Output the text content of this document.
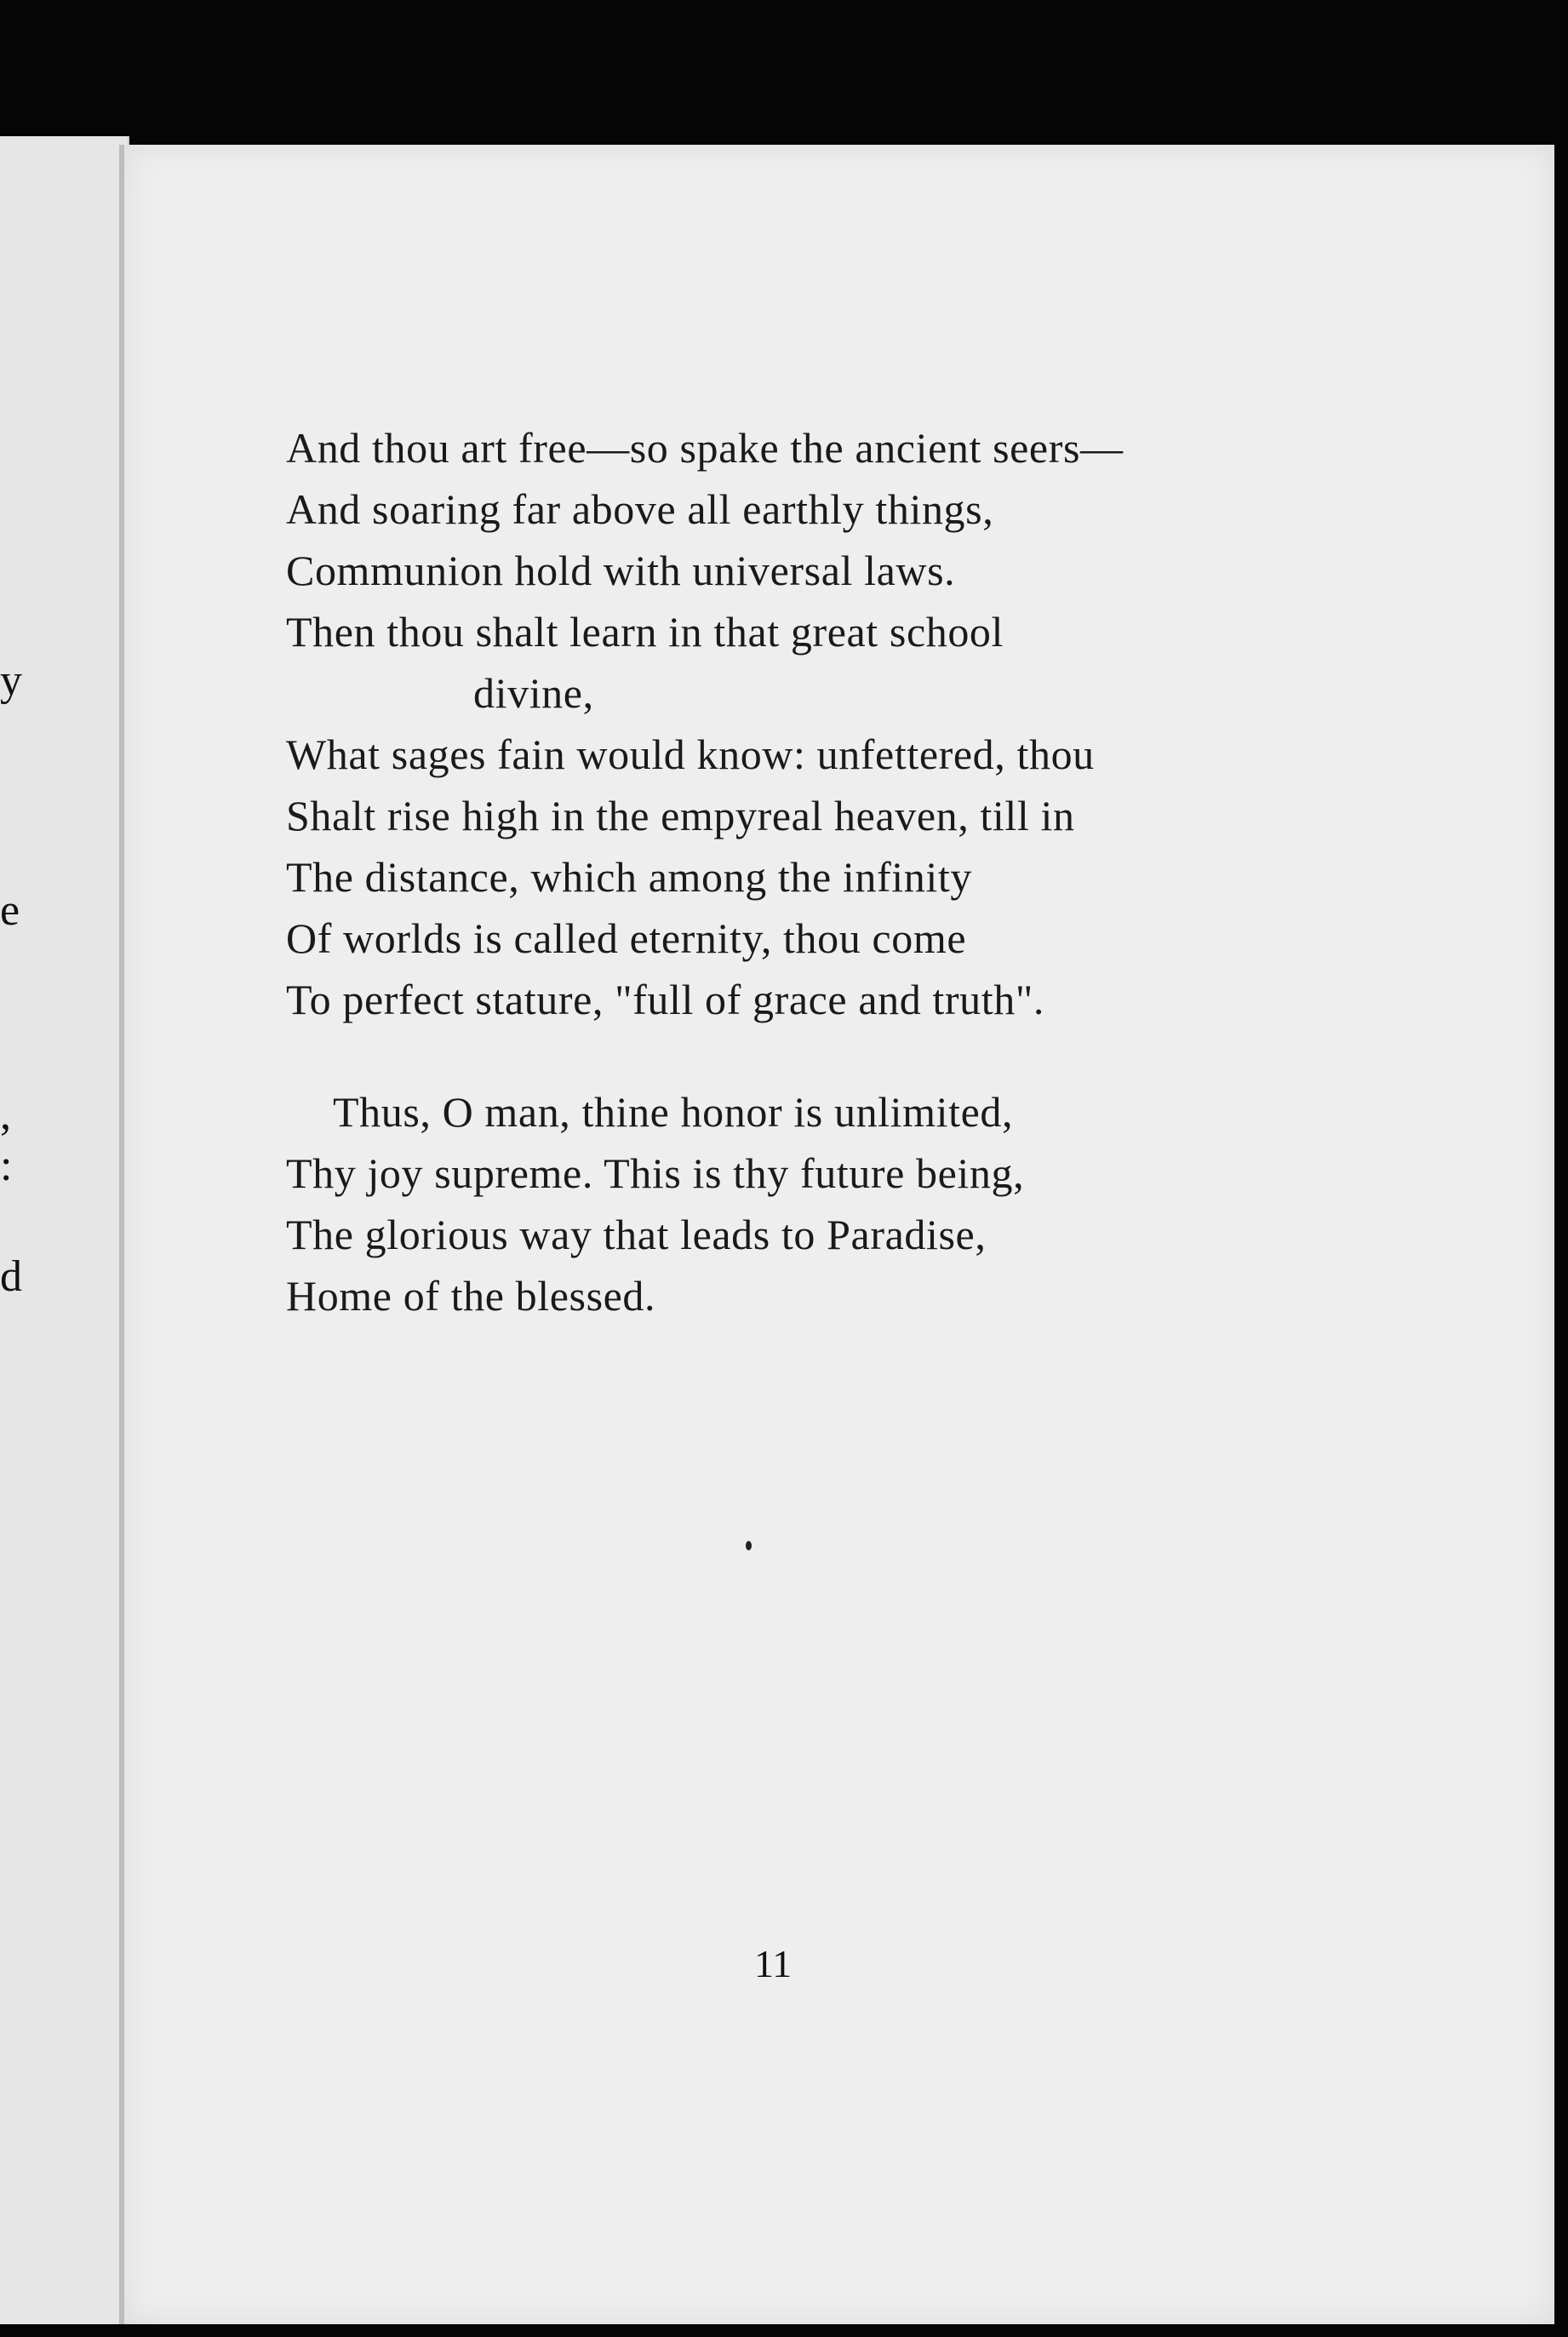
y
e
,
:
d
And thou art free—so spake the ancient seers—
And soaring far above all earthly things,
Communion hold with universal laws.
Then thou shalt learn in that great school
divine,
What sages fain would know: unfettered, thou
Shalt rise high in the empyreal heaven, till in
The distance, which among the infinity
Of worlds is called eternity, thou come
To perfect stature, "full of grace and truth".
Thus, O man, thine honor is unlimited,
Thy joy supreme. This is thy future being,
The glorious way that leads to Paradise,
Home of the blessed.
11
